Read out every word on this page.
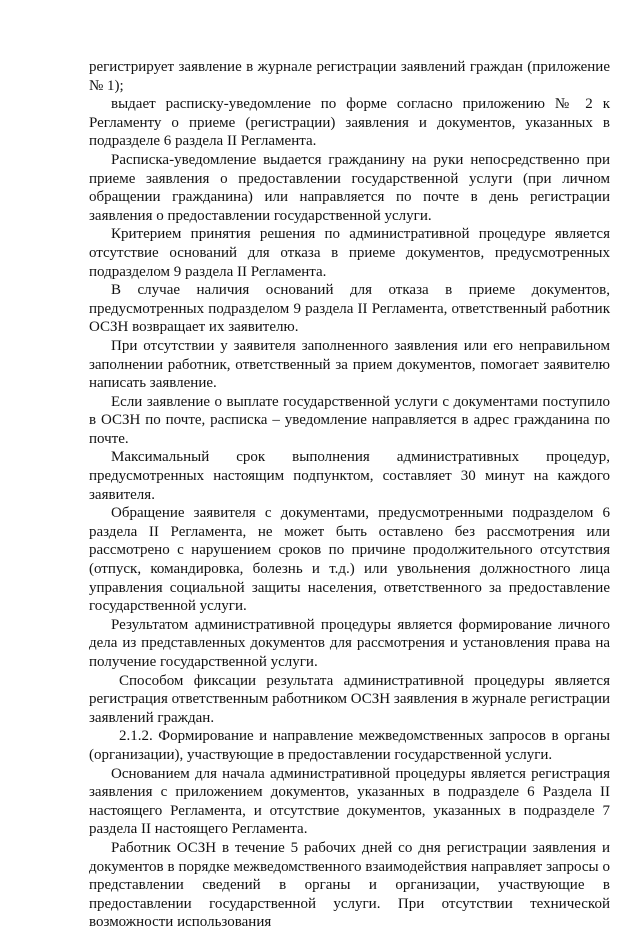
регистрирует заявление в журнале регистрации заявлений граждан (приложение № 1);

выдает расписку-уведомление по форме согласно приложению № 2 к Регламенту о приеме (регистрации) заявления и документов, указанных в подразделе 6 раздела II Регламента.

Расписка-уведомление выдается гражданину на руки непосредственно при приеме заявления о предоставлении государственной услуги (при личном обращении гражданина) или направляется по почте в день регистрации заявления о предоставлении государственной услуги.

Критерием принятия решения по административной процедуре является отсутствие оснований для отказа в приеме документов, предусмотренных подразделом 9 раздела II Регламента.

В случае наличия оснований для отказа в приеме документов, предусмотренных подразделом 9 раздела II Регламента, ответственный работник ОСЗН возвращает их заявителю.

При отсутствии у заявителя заполненного заявления или его неправильном заполнении работник, ответственный за прием документов, помогает заявителю написать заявление.

Если заявление о выплате государственной услуги с документами поступило в ОСЗН по почте, расписка – уведомление направляется в адрес гражданина по почте.

Максимальный срок выполнения административных процедур, предусмотренных настоящим подпунктом, составляет 30 минут на каждого заявителя.

Обращение заявителя с документами, предусмотренными подразделом 6 раздела II Регламента, не может быть оставлено без рассмотрения или рассмотрено с нарушением сроков по причине продолжительного отсутствия (отпуск, командировка, болезнь и т.д.) или увольнения должностного лица управления социальной защиты населения, ответственного за предоставление государственной услуги.

Результатом административной процедуры является формирование личного дела из представленных документов для рассмотрения и установления права на получение государственной услуги.

Способом фиксации результата административной процедуры является регистрация ответственным работником ОСЗН заявления в журнале регистрации заявлений граждан.

2.1.2. Формирование и направление межведомственных запросов в органы (организации), участвующие в предоставлении государственной услуги.

Основанием для начала административной процедуры является регистрация заявления с приложением документов, указанных в подразделе 6 Раздела II настоящего Регламента, и отсутствие документов, указанных в подразделе 7 раздела II настоящего Регламента.

Работник ОСЗН в течение 5 рабочих дней со дня регистрации заявления и документов в порядке межведомственного взаимодействия направляет запросы о представлении сведений в органы и организации, участвующие в предоставлении государственной услуги. При отсутствии технической возможности использования
